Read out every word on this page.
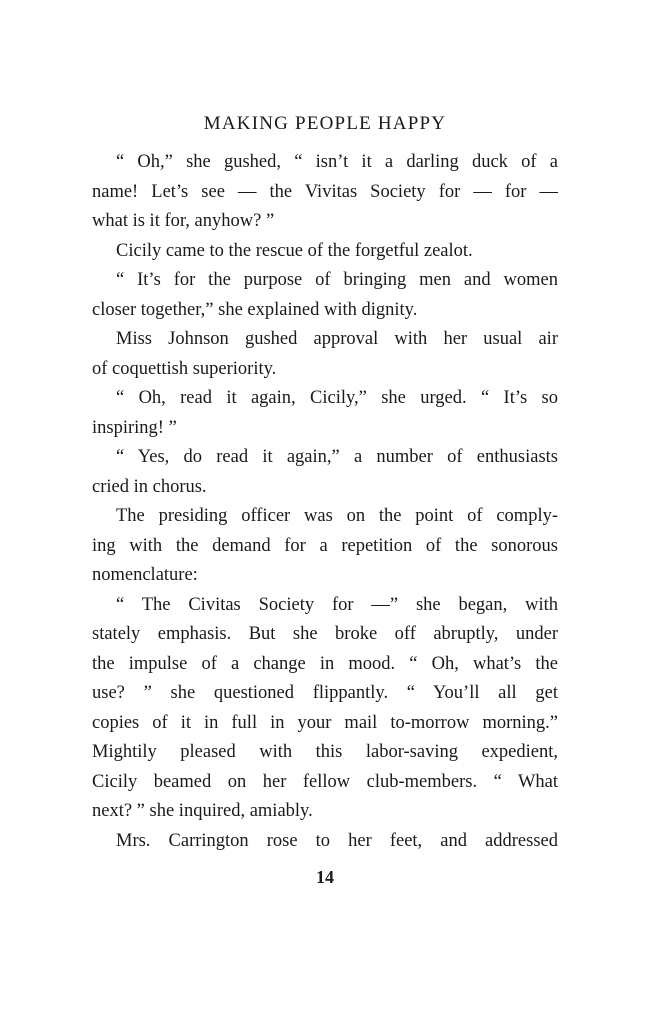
MAKING PEOPLE HAPPY
“ Oh,” she gushed, “ isn’t it a darling duck of a
name! Let’s see — the Vivitas Society for — for —
what is it for, anyhow? ”
Cicily came to the rescue of the forgetful zealot.
“ It’s for the purpose of bringing men and women
closer together,” she explained with dignity.
Miss Johnson gushed approval with her usual air
of coquettish superiority.
“ Oh, read it again, Cicily,” she urged. “ It’s so
inspiring! ”
“ Yes, do read it again,” a number of enthusiasts
cried in chorus.
The presiding officer was on the point of comply-
ing with the demand for a repetition of the sonorous
nomenclature:
“ The Civitas Society for —” she began, with
stately emphasis. But she broke off abruptly, under
the impulse of a change in mood. “ Oh, what’s the
use? ” she questioned flippantly. “ You’ll all get
copies of it in full in your mail to-morrow morning.”
Mightily pleased with this labor-saving expedient,
Cicily beamed on her fellow club-members. “ What
next? ” she inquired, amiably.
Mrs. Carrington rose to her feet, and addressed
14
